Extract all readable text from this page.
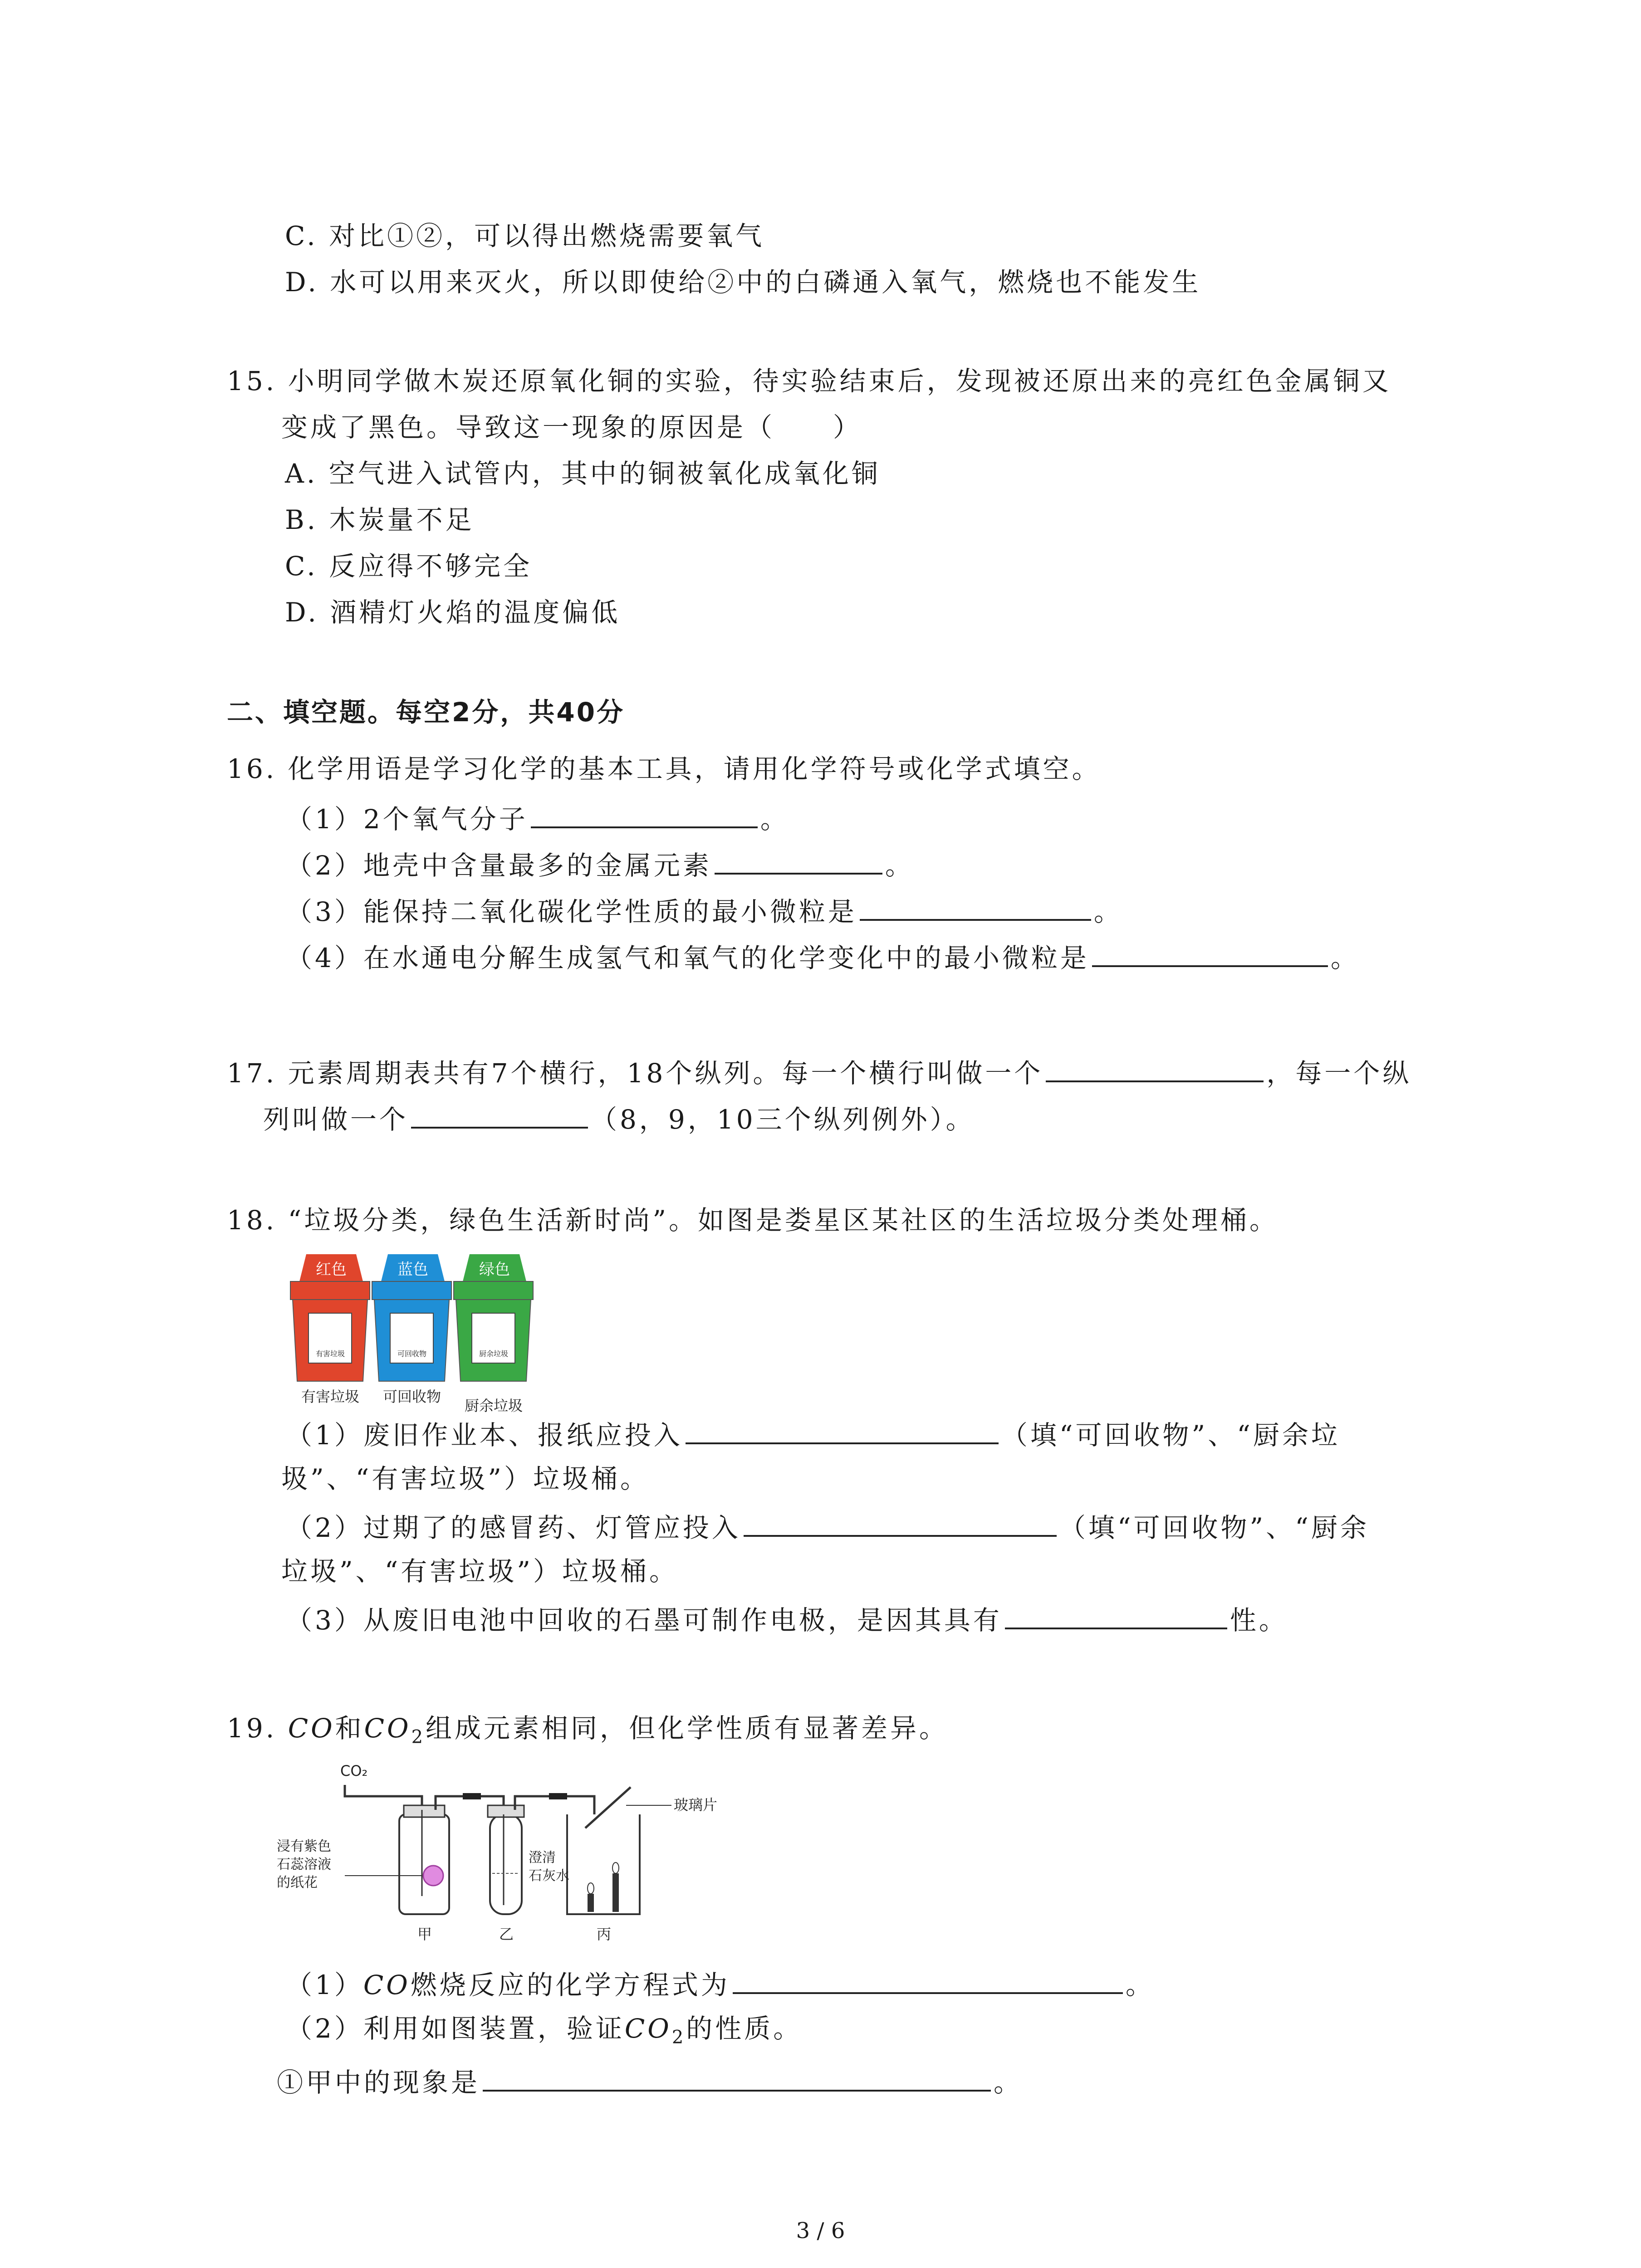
C. 对比①②，可以得出燃烧需要氧气
D. 水可以用来灭火，所以即使给②中的白磷通入氧气，燃烧也不能发生
15. 小明同学做木炭还原氧化铜的实验，待实验结束后，发现被还原出来的亮红色金属铜又
变成了黑色。导致这一现象的原因是（　　）
A. 空气进入试管内，其中的铜被氧化成氧化铜
B. 木炭量不足
C. 反应得不够完全
D. 酒精灯火焰的温度偏低
二、填空题。每空2分，共40分
16. 化学用语是学习化学的基本工具，请用化学符号或化学式填空。
（1）2个氧气分子	。
（2）地壳中含量最多的金属元素	。
（3）能保持二氧化碳化学性质的最小微粒是	。
（4）在水通电分解生成氢气和氧气的化学变化中的最小微粒是	。
17. 元素周期表共有7个横行，18个纵列。每一个横行叫做一个	，每一个纵
列叫做一个	（8，9，10三个纵列例外）。
18. “垃圾分类，绿色生活新时尚”。如图是娄星区某社区的生活垃圾分类处理桶。
红色
有害垃圾
有害垃圾
蓝色
可回收物
可回收物
绿色
厨余垃圾
厨余垃圾
（1）废旧作业本、报纸应投入	（填“可回收物”、“厨余垃
圾”、“有害垃圾”）垃圾桶。
（2）过期了的感冒药、灯管应投入	（填“可回收物”、“厨余
垃圾”、“有害垃圾”）垃圾桶。
（3）从废旧电池中回收的石墨可制作电极，是因其具有	性。
19. CO和$CO_2$组成元素相同，但化学性质有显著差异。
CO₂
浸有紫色
石蕊溶液
的纸花
澄清
石灰水
玻璃片
甲	乙	丙
（1）CO燃烧反应的化学方程式为	。
（2）利用如图装置，验证$CO_2$的性质。
①甲中的现象是	。
3 / 6
